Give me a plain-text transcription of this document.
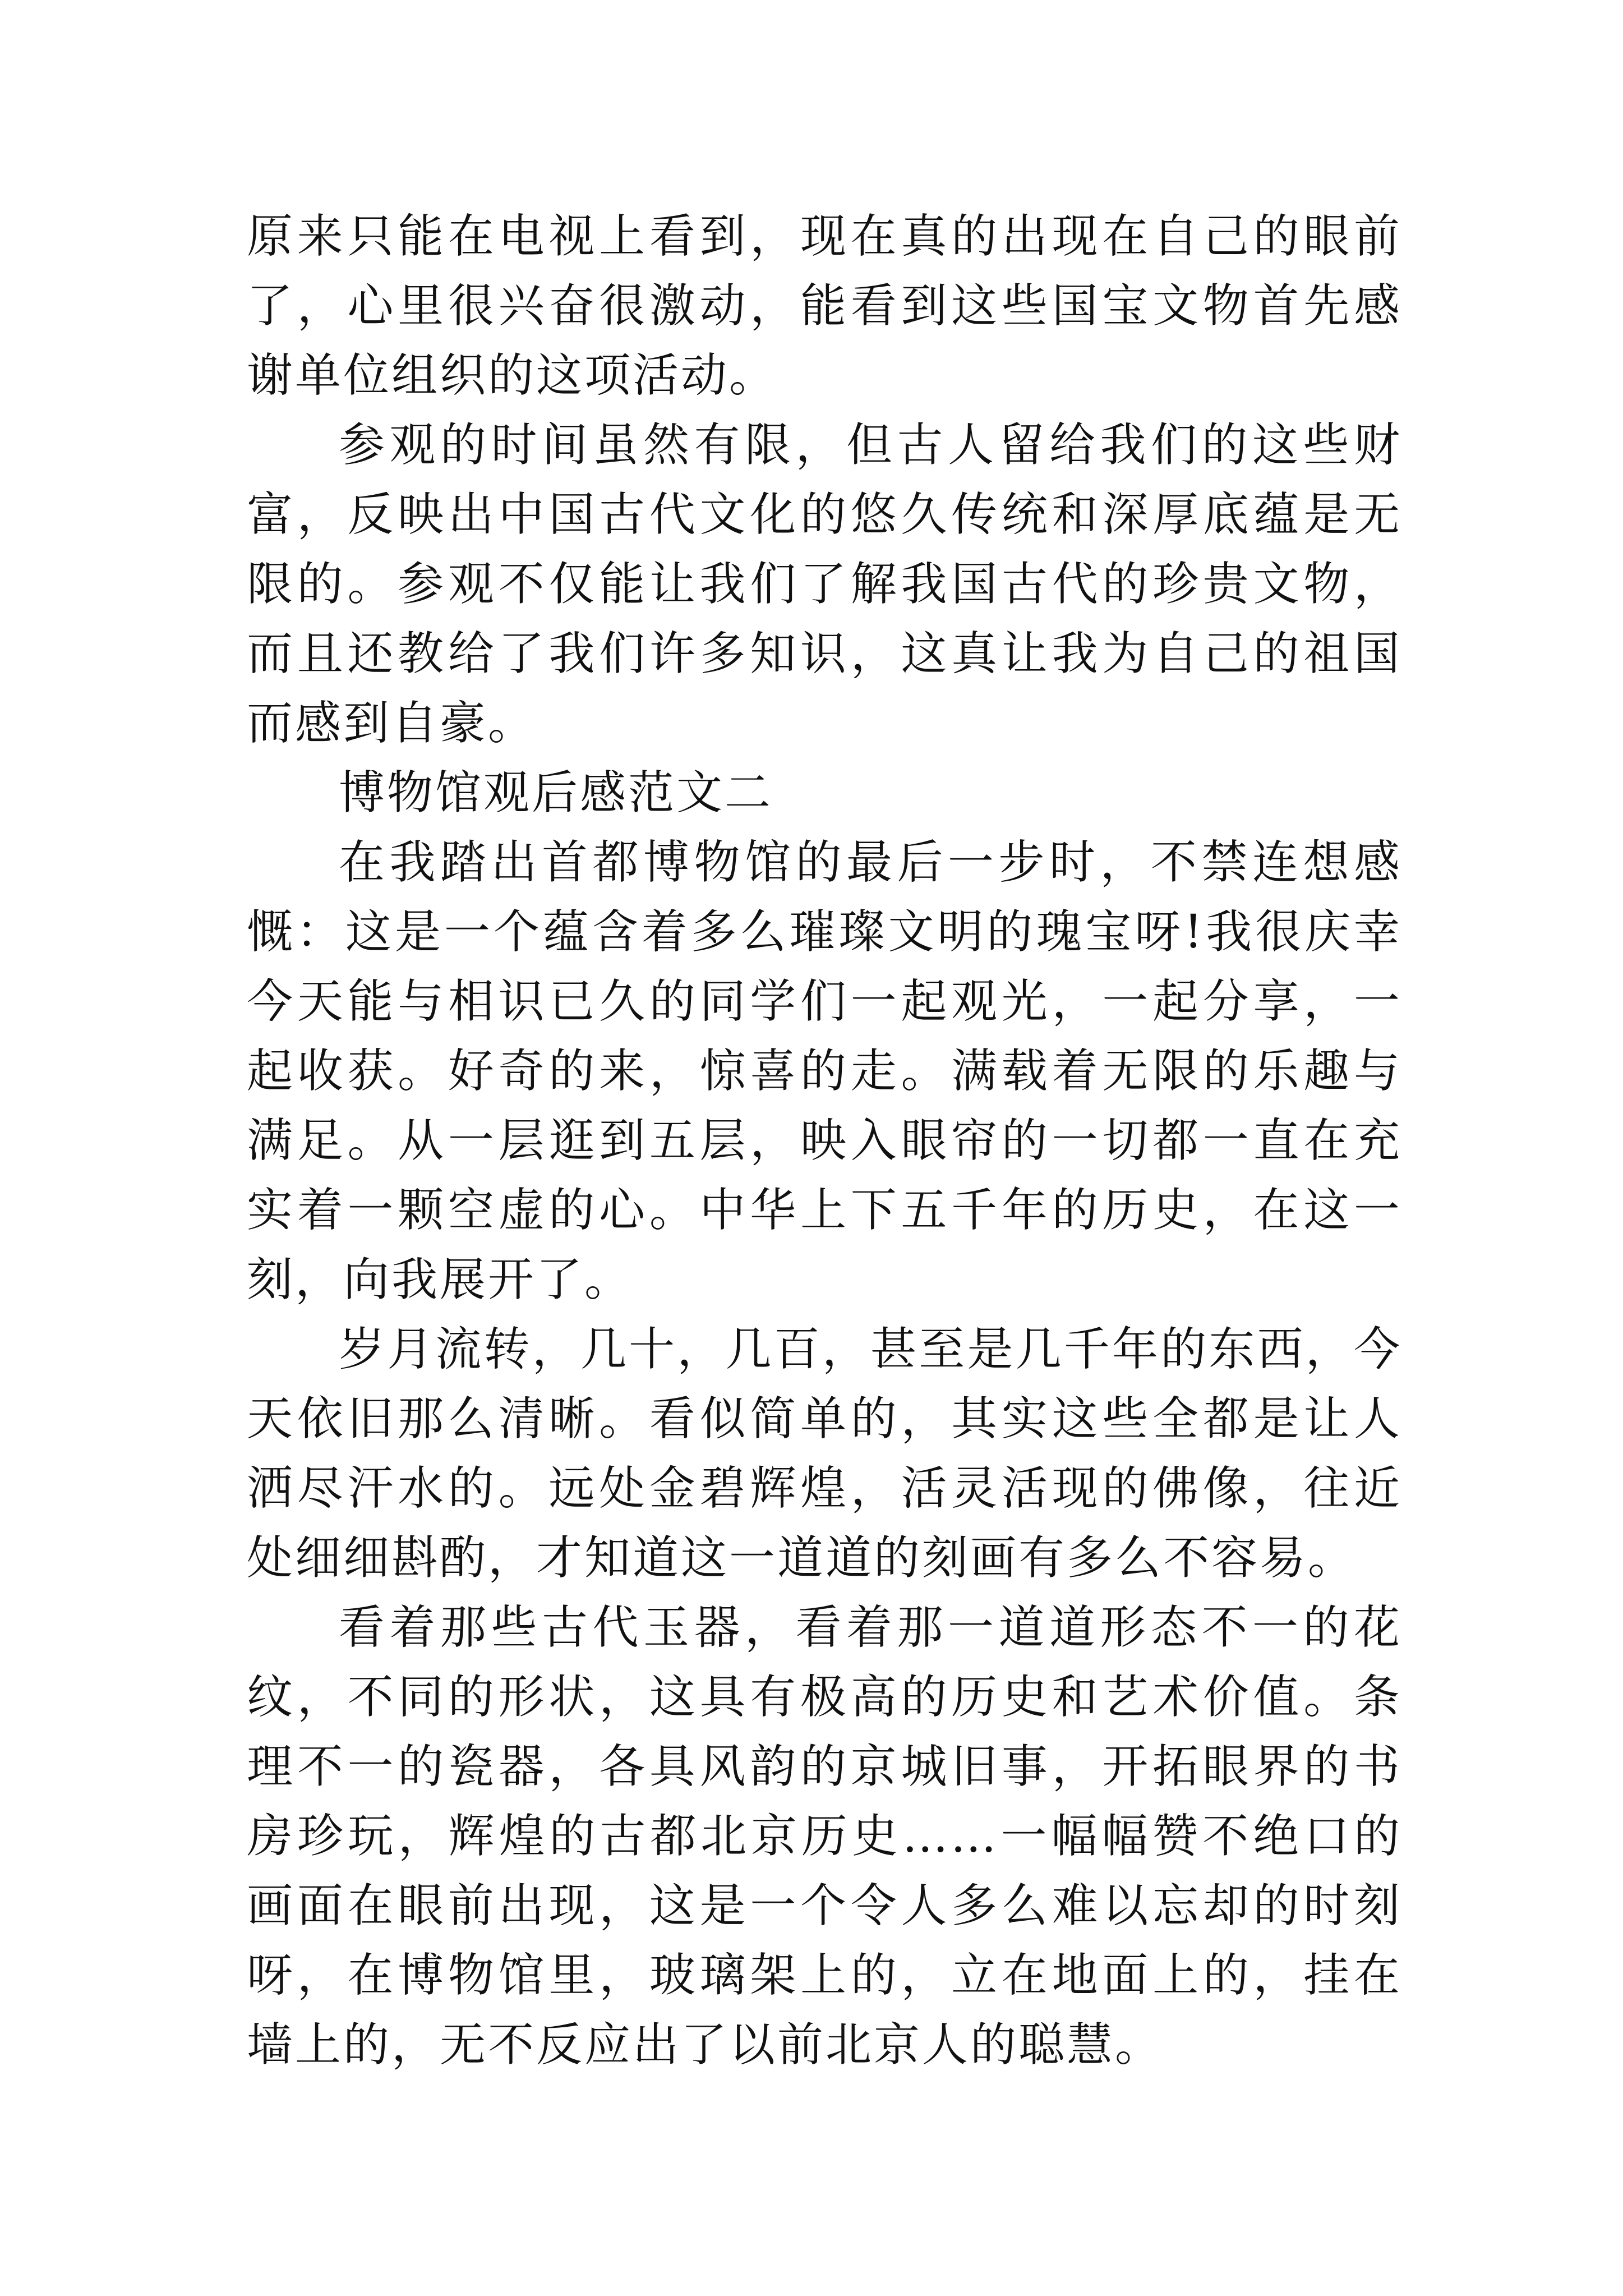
原来只能在电视上看到，现在真的出现在自己的眼前了，心里很兴奋很激动，能看到这些国宝文物首先感谢单位组织的这项活动。

参观的时间虽然有限，但古人留给我们的这些财富，反映出中国古代文化的悠久传统和深厚底蕴是无限的。参观不仅能让我们了解我国古代的珍贵文物，而且还教给了我们许多知识，这真让我为自己的祖国而感到自豪。

博物馆观后感范文二

在我踏出首都博物馆的最后一步时，不禁连想感慨：这是一个蕴含着多么璀璨文明的瑰宝呀!我很庆幸今天能与相识已久的同学们一起观光，一起分享，一起收获。好奇的来，惊喜的走。满载着无限的乐趣与满足。从一层逛到五层，映入眼帘的一切都一直在充实着一颗空虚的心。中华上下五千年的历史，在这一刻，向我展开了。

岁月流转，几十，几百，甚至是几千年的东西，今天依旧那么清晰。看似简单的，其实这些全都是让人洒尽汗水的。远处金碧辉煌，活灵活现的佛像，往近处细细斟酌，才知道这一道道的刻画有多么不容易。

看着那些古代玉器，看着那一道道形态不一的花纹，不同的形状，这具有极高的历史和艺术价值。条理不一的瓷器，各具风韵的京城旧事，开拓眼界的书房珍玩，辉煌的古都北京历史……一幅幅赞不绝口的画面在眼前出现，这是一个令人多么难以忘却的时刻呀，在博物馆里，玻璃架上的，立在地面上的，挂在墙上的，无不反应出了以前北京人的聪慧。
